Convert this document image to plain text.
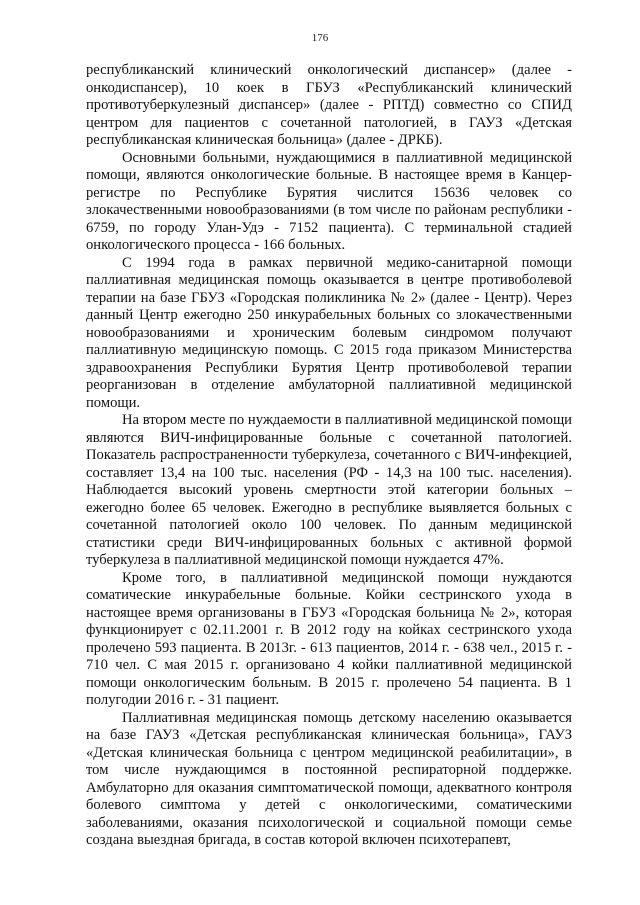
176

республиканский клинический онкологический диспансер» (далее - онкодиспансер), 10 коек в ГБУЗ «Республиканский клинический противотуберкулезный диспансер» (далее - РПТД) совместно со СПИД центром для пациентов с сочетанной патологией, в ГАУЗ «Детская республиканская клиническая больница» (далее - ДРКБ).

Основными больными, нуждающимися в паллиативной медицинской помощи, являются онкологические больные. В настоящее время в Канцер-регистре по Республике Бурятия числится 15636 человек со злокачественными новообразованиями (в том числе по районам республики - 6759, по городу Улан-Удэ - 7152 пациента). С терминальной стадией онкологического процесса - 166 больных.

С 1994 года в рамках первичной медико-санитарной помощи паллиативная медицинская помощь оказывается в центре противоболевой терапии на базе ГБУЗ «Городская поликлиника № 2» (далее - Центр). Через данный Центр ежегодно 250 инкурабельных больных со злокачественными новообразованиями и хроническим болевым синдромом получают паллиативную медицинскую помощь. С 2015 года приказом Министерства здравоохранения Республики Бурятия Центр противоболевой терапии реорганизован в отделение амбулаторной паллиативной медицинской помощи.

На втором месте по нуждаемости в паллиативной медицинской помощи являются ВИЧ-инфицированные больные с сочетанной патологией. Показатель распространенности туберкулеза, сочетанного с ВИЧ-инфекцией, составляет 13,4 на 100 тыс. населения (РФ - 14,3 на 100 тыс. населения). Наблюдается высокий уровень смертности этой категории больных – ежегодно более 65 человек. Ежегодно в республике выявляется больных с сочетанной патологией около 100 человек. По данным медицинской статистики среди ВИЧ-инфицированных больных с активной формой туберкулеза в паллиативной медицинской помощи нуждается 47%.

Кроме того, в паллиативной медицинской помощи нуждаются соматические инкурабельные больные. Койки сестринского ухода в настоящее время организованы в ГБУЗ «Городская больница № 2», которая функционирует с 02.11.2001 г. В 2012 году на койках сестринского ухода пролечено 593 пациента. В 2013г. - 613 пациентов, 2014 г. - 638 чел., 2015 г. - 710 чел. С мая 2015 г. организовано 4 койки паллиативной медицинской помощи онкологическим больным. В 2015 г. пролечено 54 пациента. В 1 полугодии 2016 г. - 31 пациент.

Паллиативная медицинская помощь детскому населению оказывается на базе ГАУЗ «Детская республиканская клиническая больница», ГАУЗ «Детская клиническая больница с центром медицинской реабилитации», в том числе нуждающимся в постоянной респираторной поддержке. Амбулаторно для оказания симптоматической помощи, адекватного контроля болевого симптома у детей с онкологическими, соматическими заболеваниями, оказания психологической и социальной помощи семье создана выездная бригада, в состав которой включен психотерапевт,
